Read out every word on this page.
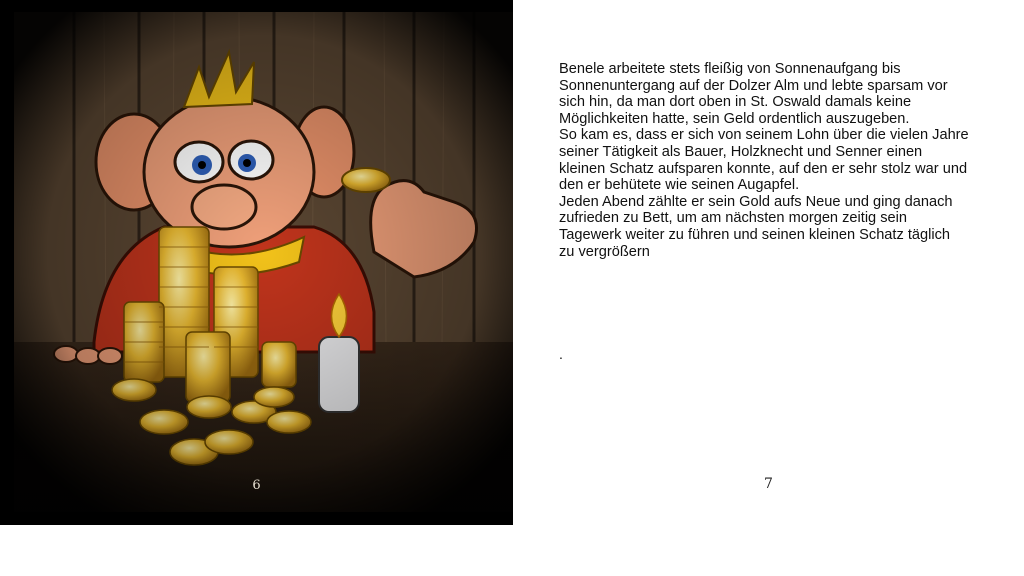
6

Benele arbeitete stets fleißig von Sonnenaufgang bis Sonnenuntergang auf der Dolzer Alm und lebte sparsam vor sich hin, da man dort oben in St. Oswald damals keine Möglichkeiten hatte, sein Geld ordentlich auszugeben.

So kam es, dass er sich von seinem Lohn über die vielen Jahre seiner Tätigkeit als Bauer, Holzknecht und Senner einen kleinen Schatz aufsparen konnte, auf den er sehr stolz war und den er behütete wie seinen Augapfel.

Jeden Abend zählte er sein Gold aufs Neue und ging danach zufrieden zu Bett, um am nächsten morgen zeitig sein Tagewerk weiter zu führen und seinen kleinen Schatz täglich zu vergrößern

.
7
